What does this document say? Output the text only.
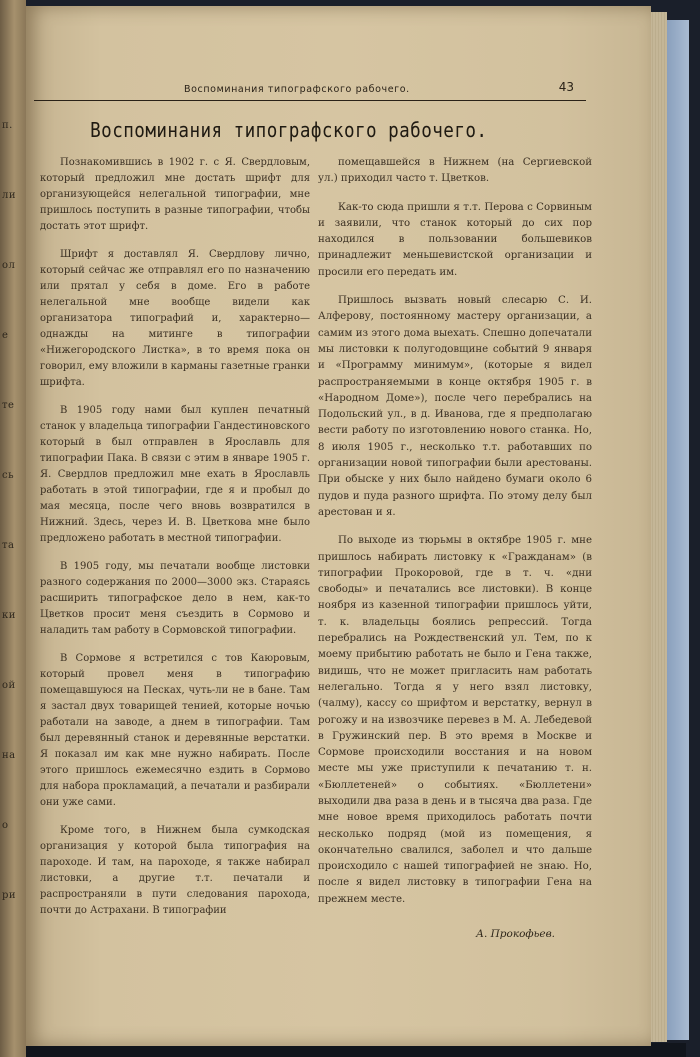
п.
ли
ол
е
те
сь
та
ки
ой
на
о
ри
Воспоминания типографского рабочего.	43
Воспоминания типографского рабочего.

Познакомившись в 1902 г. с Я. Свердловым, который предложил мне достать шрифт для организующейся нелегальной типографии, мне пришлось поступить в разные типографии, чтобы достать этот шрифт.

Шрифт я доставлял Я. Свердлову лично, который сейчас же отправлял его по назначению или прятал у себя в доме. Его в работе нелегальной мне вообще видели как организатора типографий и, характерно—однажды на митинге в типографии «Нижегородского Листка», в то время пока он говорил, ему вложили в карманы газетные гранки шрифта.

В 1905 году нами был куплен печатный станок у владельца типографии Гандестиновского который в был отправлен в Ярославль для типографии Пака. В связи с этим в январе 1905 г. Я. Свердлов предложил мне ехать в Ярославль работать в этой типографии, где я и пробыл до мая месяца, после чего вновь возвратился в Нижний. Здесь, через И. В. Цветкова мне было предложено работать в местной типографии.

В 1905 году, мы печатали вообще листовки разного содержания по 2000—3000 экз. Стараясь расширить типографское дело в нем, как-то Цветков просит меня съездить в Сормово и наладить там работу в Сормовской типографии.

В Сормове я встретился с тов Каюровым, который провел меня в типографию помещавшуюся на Песках, чуть-ли не в бане. Там я застал двух товарищей тенией, которые ночью работали на заводе, а днем в типографии. Там был деревянный станок и деревянные верстатки. Я показал им как мне нужно набирать. После этого пришлось ежемесячно ездить в Сормово для набора прокламаций, а печатали и разбирали они уже сами.

Кроме того, в Нижнем была сумкодская организация у которой была типография на пароходе. И там, на пароходе, я также набирал листовки, а другие т.т. печатали и распространяли в пути следования парохода, почти до Астрахани. В типографии

помещавшейся в Нижнем (на Сергиевской ул.) приходил часто т. Цветков.

Как-то сюда пришли я т.т. Перова с Сорвиным и заявили, что станок который до сих пор находился в пользовании большевиков принадлежит меньшевистской организации и просили его передать им.

Пришлось вызвать новый слесарю С. И. Алферову, постоянному мастеру организации, а самим из этого дома выехать. Спешно допечатали мы листовки к полугодовщине событий 9 января и «Программу минимум», (которые я видел распространяемыми в конце октября 1905 г. в «Народном Доме»), после чего перебрались на Подольский ул., в д. Иванова, где я предполагаю вести работу по изготовлению нового станка. Но, 8 июля 1905 г., несколько т.т. работавших по организации новой типографии были арестованы. При обыске у них было найдено бумаги около 6 пудов и пуда разного шрифта. По этому делу был арестован и я.

По выходе из тюрьмы в октябре 1905 г. мне пришлось набирать листовку к «Гражданам» (в типографии Прокоровой, где в т. ч. «дни свободы» и печатались все листовки). В конце ноября из казенной типографии пришлось уйти, т. к. владельцы боялись репрессий. Тогда перебрались на Рождественский ул. Тем, по к моему прибытию работать не было и Гена также, видишь, что не может пригласить нам работать нелегально. Тогда я у него взял листовку, (чалму), кассу со шрифтом и верстатку, вернул в рогожу и на извозчике перевез в М. А. Лебедевой в Гружинский пер. В это время в Москве и Сормове происходили восстания и на новом месте мы уже приступили к печатанию т. н. «Бюллетеней» о событиях. «Бюллетени» выходили два раза в день и в тысяча два раза. Где мне новое время приходилось работать почти несколько подряд (мой из помещения, я окончательно свалился, заболел и что дальше происходило с нашей типографией не знаю. Но, после я видел листовку в типографии Гена на прежнем месте.

А. Прокофьев.
